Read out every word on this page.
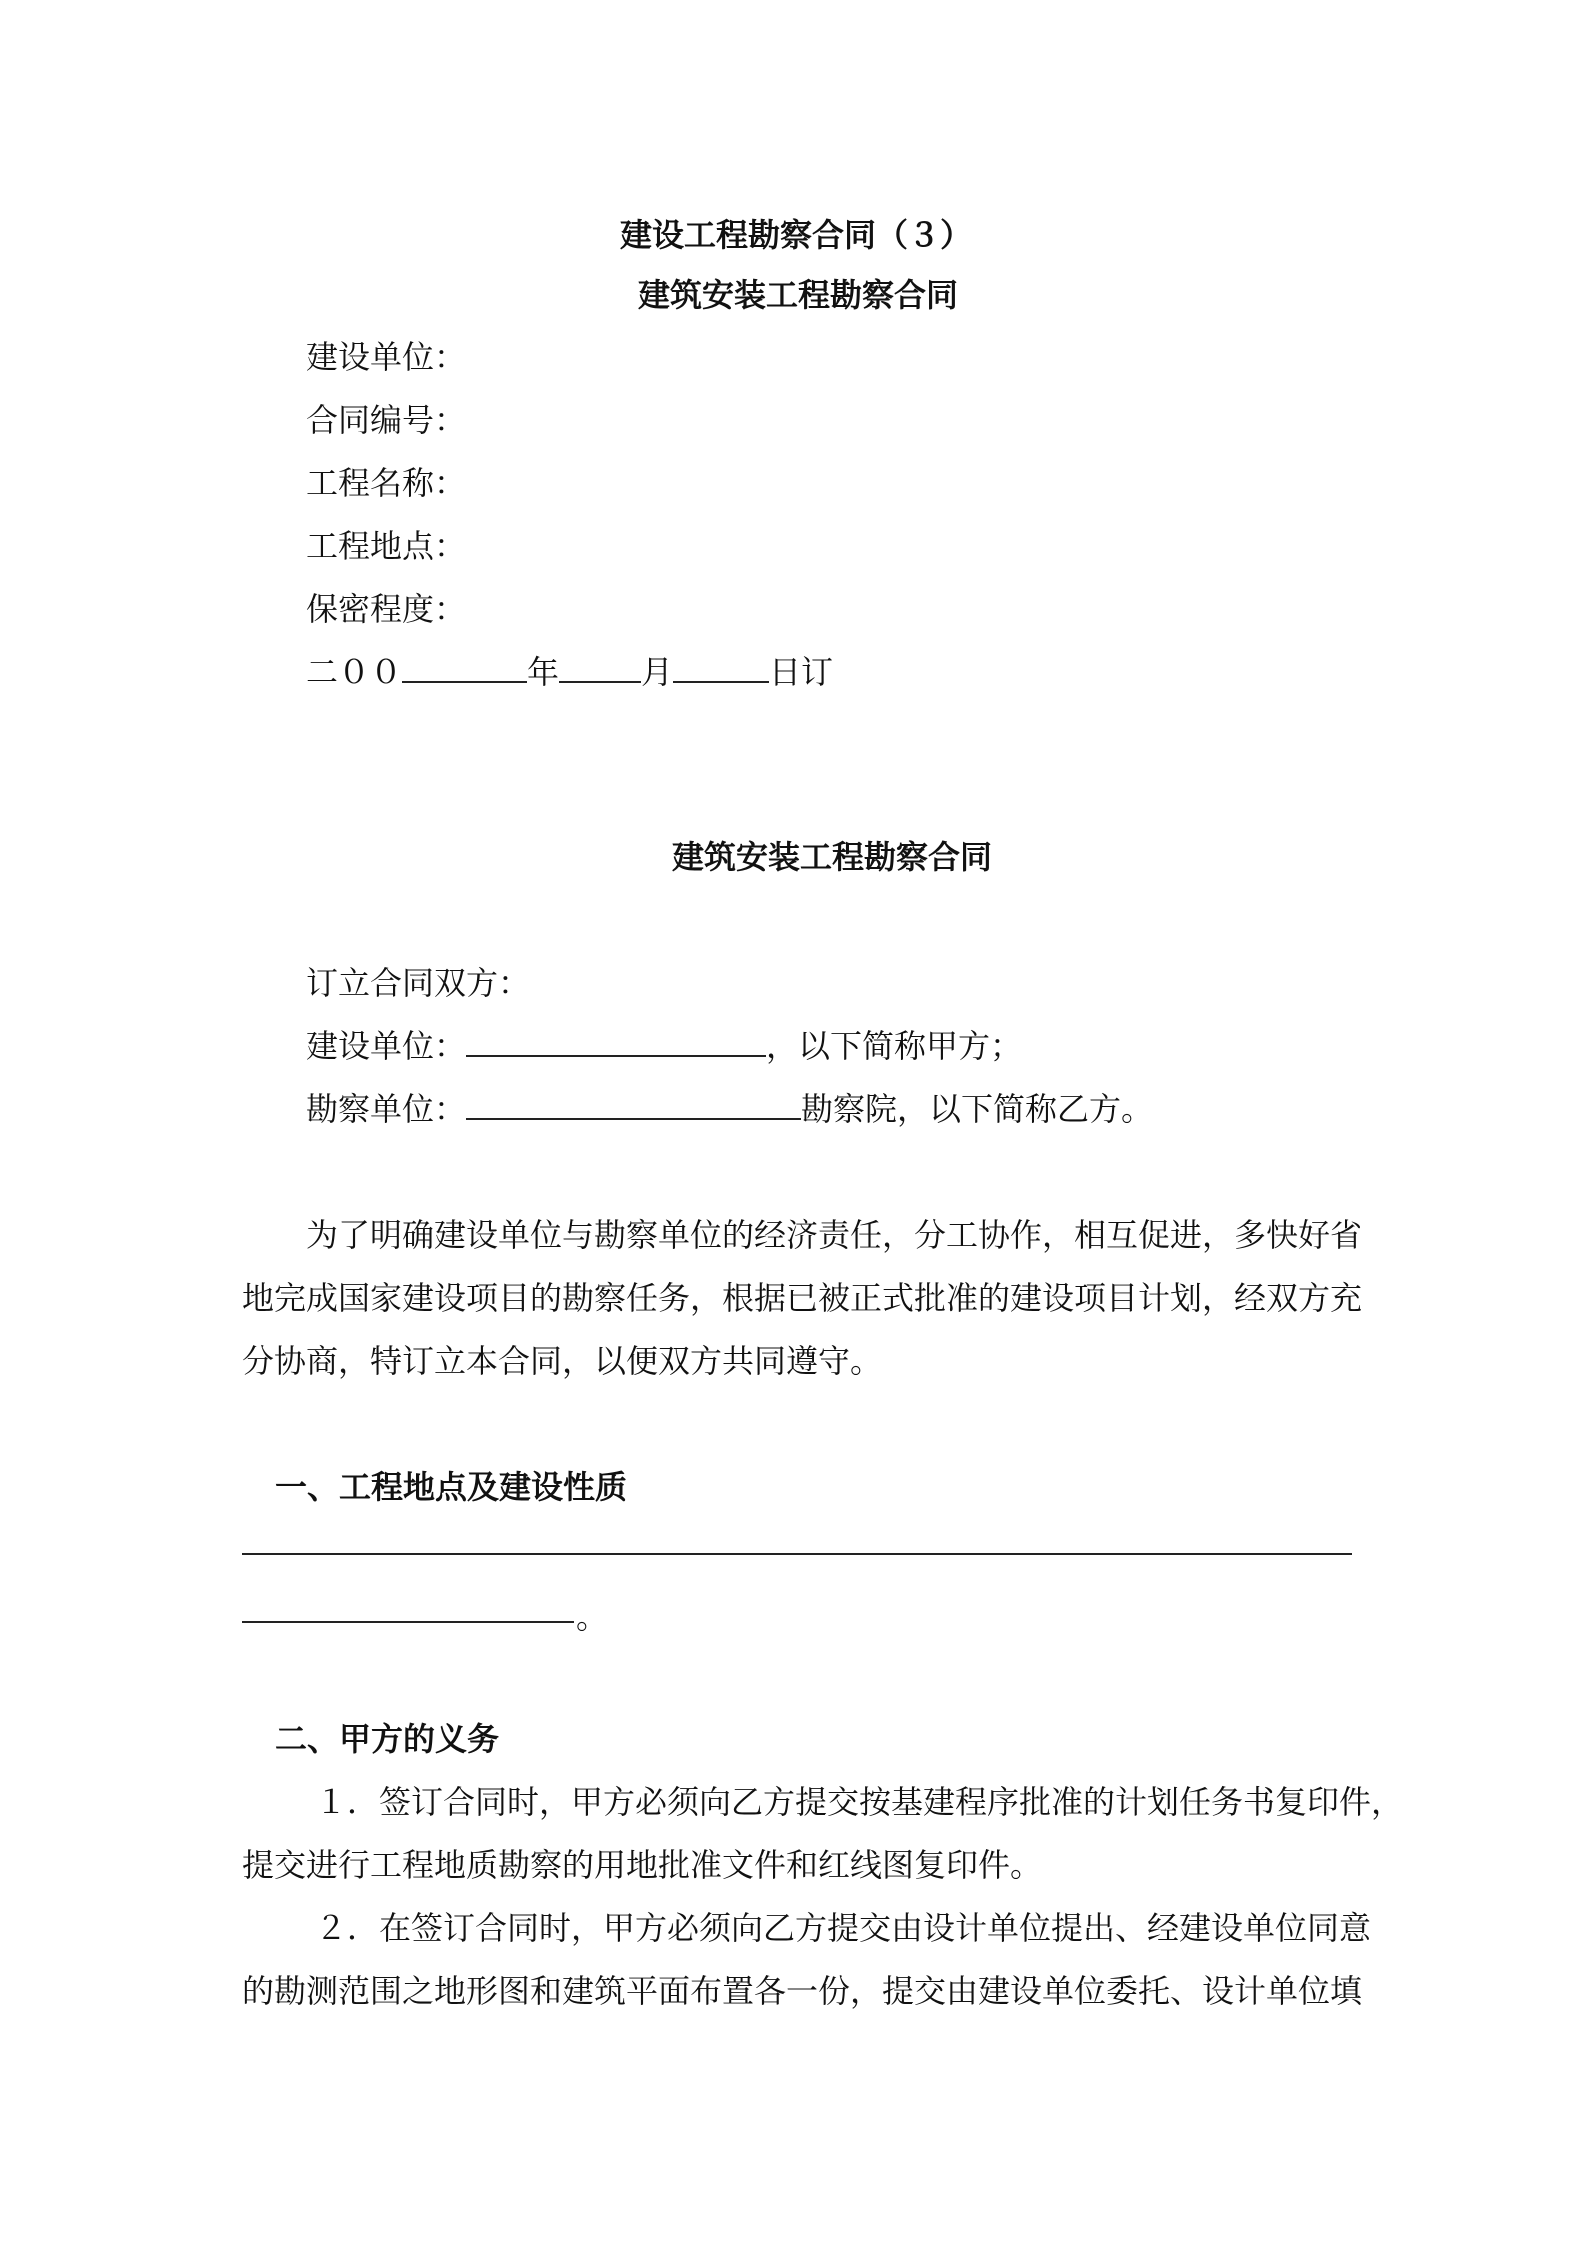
建设工程勘察合同（３）
建筑安装工程勘察合同
建设单位：
合同编号：
工程名称：
工程地点：
保密程度：
二００	年	月	日订
建筑安装工程勘察合同
订立合同双方：
建设单位：	，以下简称甲方；
勘察单位：	勘察院，以下简称乙方。
为了明确建设单位与勘察单位的经济责任，分工协作，相互促进，多快好省
地完成国家建设项目的勘察任务，根据已被正式批准的建设项目计划，经双方充
分协商，特订立本合同，以便双方共同遵守。
一、工程地点及建设性质
。
二、甲方的义务
１．签订合同时，甲方必须向乙方提交按基建程序批准的计划任务书复印件，
提交进行工程地质勘察的用地批准文件和红线图复印件。
２．在签订合同时，甲方必须向乙方提交由设计单位提出、经建设单位同意
的勘测范围之地形图和建筑平面布置各一份，提交由建设单位委托、设计单位填
